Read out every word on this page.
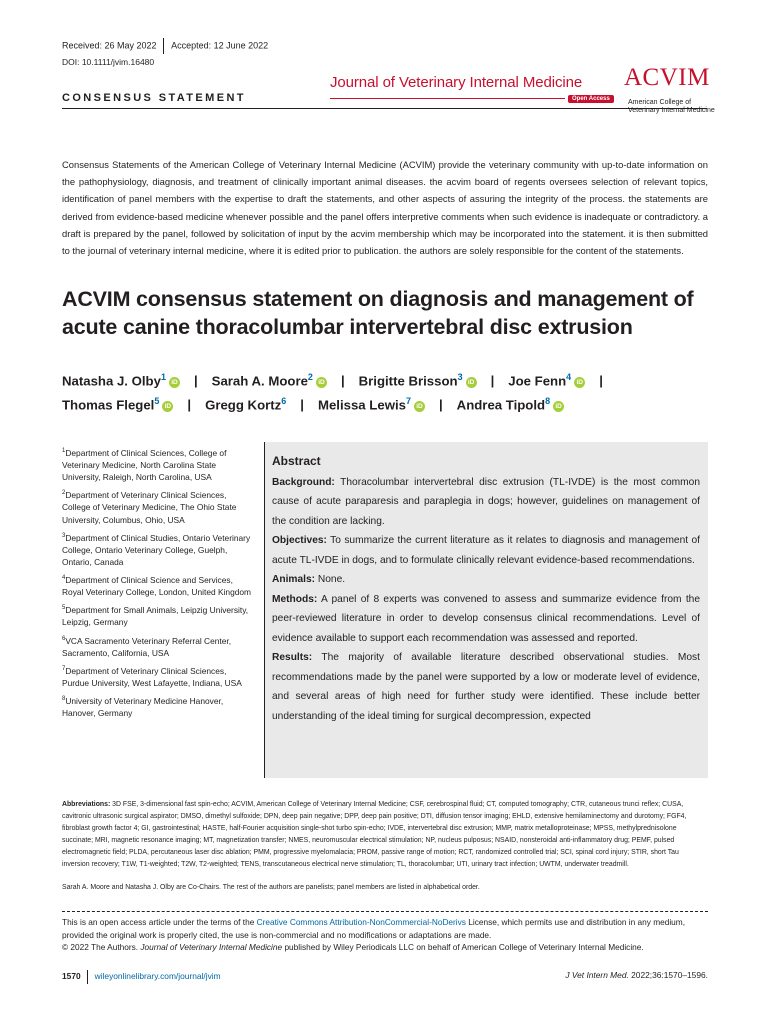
Received: 26 May 2022 Accepted: 12 June 2022
DOI: 10.1111/jvim.16480
CONSENSUS STATEMENT
Journal of Veterinary Internal Medicine
Open Access
ACVIM
American College of Veterinary Internal Medicine
Consensus Statements of the American College of Veterinary Internal Medicine (ACVIM) provide the veterinary community with up-to-date information on the pathophysiology, diagnosis, and treatment of clinically important animal diseases. the acvim board of regents oversees selection of relevant topics, identification of panel members with the expertise to draft the statements, and other aspects of assuring the integrity of the process. the statements are derived from evidence-based medicine whenever possible and the panel offers interpretive comments when such evidence is inadequate or contradictory. a draft is prepared by the panel, followed by solicitation of input by the acvim membership which may be incorporated into the statement. it is then submitted to the journal of veterinary internal medicine, where it is edited prior to publication. the authors are solely responsible for the content of the statements.
ACVIM consensus statement on diagnosis and management of acute canine thoracolumbar intervertebral disc extrusion
Natasha J. Olby$^1$iD | Sarah A. Moore$^2$iD | Brigitte Brisson$^3$iD | Joe Fenn$^4$iD |
Thomas Flegel$^5$iD | Gregg Kortz$^6$ | Melissa Lewis$^7$iD | Andrea Tipold$^8$iD
$^1$Department of Clinical Sciences, College of Veterinary Medicine, North Carolina State University, Raleigh, North Carolina, USA
$^2$Department of Veterinary Clinical Sciences, College of Veterinary Medicine, The Ohio State University, Columbus, Ohio, USA
$^3$Department of Clinical Studies, Ontario Veterinary College, Ontario Veterinary College, Guelph, Ontario, Canada
$^4$Department of Clinical Science and Services, Royal Veterinary College, London, United Kingdom
$^5$Department for Small Animals, Leipzig University, Leipzig, Germany
$^6$VCA Sacramento Veterinary Referral Center, Sacramento, California, USA
$^7$Department of Veterinary Clinical Sciences, Purdue University, West Lafayette, Indiana, USA
$^8$University of Veterinary Medicine Hanover, Hanover, Germany
Abstract

Background: Thoracolumbar intervertebral disc extrusion (TL-IVDE) is the most common cause of acute paraparesis and paraplegia in dogs; however, guidelines on management of the condition are lacking.

Objectives: To summarize the current literature as it relates to diagnosis and management of acute TL-IVDE in dogs, and to formulate clinically relevant evidence-based recommendations.

Animals: None.

Methods: A panel of 8 experts was convened to assess and summarize evidence from the peer-reviewed literature in order to develop consensus clinical recommendations. Level of evidence available to support each recommendation was assessed and reported.

Results: The majority of available literature described observational studies. Most recommendations made by the panel were supported by a low or moderate level of evidence, and several areas of high need for further study were identified. These include better understanding of the ideal timing for surgical decompression, expected

Abbreviations: 3D FSE, 3-dimensional fast spin-echo; ACVIM, American College of Veterinary Internal Medicine; CSF, cerebrospinal fluid; CT, computed tomography; CTR, cutaneous trunci reflex; CUSA, cavitronic ultrasonic surgical aspirator; DMSO, dimethyl sulfoxide; DPN, deep pain negative; DPP, deep pain positive; DTI, diffusion tensor imaging; EHLD, extensive hemilaminectomy and durotomy; FGF4, fibroblast growth factor 4; GI, gastrointestinal; HASTE, half-Fourier acquisition single-shot turbo spin-echo; IVDE, intervertebral disc extrusion; MMP, matrix metalloproteinase; MPSS, methylprednisolone succinate; MRI, magnetic resonance imaging; MT, magnetization transfer; NMES, neuromuscular electrical stimulation; NP, nucleus pulposus; NSAID, nonsteroidal anti-inflammatory drug; PEMF, pulsed electromagnetic field; PLDA, percutaneous laser disc ablation; PMM, progressive myelomalacia; PROM, passive range of motion; RCT, randomized controlled trial; SCI, spinal cord injury; STIR, short Tau inversion recovery; T1W, T1-weighted; T2W, T2-weighted; TENS, transcutaneous electrical nerve stimulation; TL, thoracolumbar; UTI, urinary tract infection; UWTM, underwater treadmill.
Sarah A. Moore and Natasha J. Olby are Co-Chairs. The rest of the authors are panelists; panel members are listed in alphabetical order.
This is an open access article under the terms of the Creative Commons Attribution-NonCommercial-NoDerivs License, which permits use and distribution in any medium, provided the original work is properly cited, the use is non-commercial and no modifications or adaptations are made.
© 2022 The Authors. Journal of Veterinary Internal Medicine published by Wiley Periodicals LLC on behalf of American College of Veterinary Internal Medicine.
1570 wileyonlinelibrary.com/journal/jvim	J Vet Intern Med. 2022;36:1570–1596.
